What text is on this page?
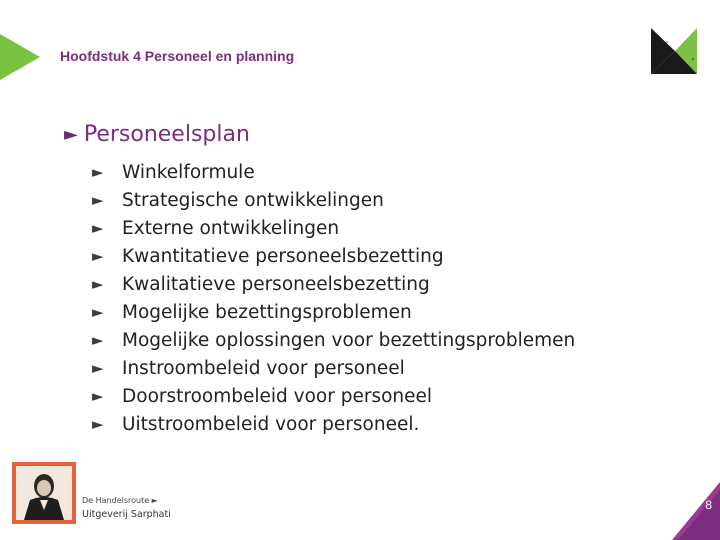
Hoofdstuk 4 Personeel en planning
► Personeelsplan
► Winkelformule
► Strategische ontwikkelingen
► Externe ontwikkelingen
► Kwantitatieve personeelsbezetting
► Kwalitatieve personeelsbezetting
► Mogelijke bezettingsproblemen
► Mogelijke oplossingen voor bezettingsproblemen
► Instroombeleid voor personeel
► Doorstroombeleid voor personeel
► Uitstroombeleid voor personeel.
De Handelsroute ►
Uitgeverij Sarphati
8
